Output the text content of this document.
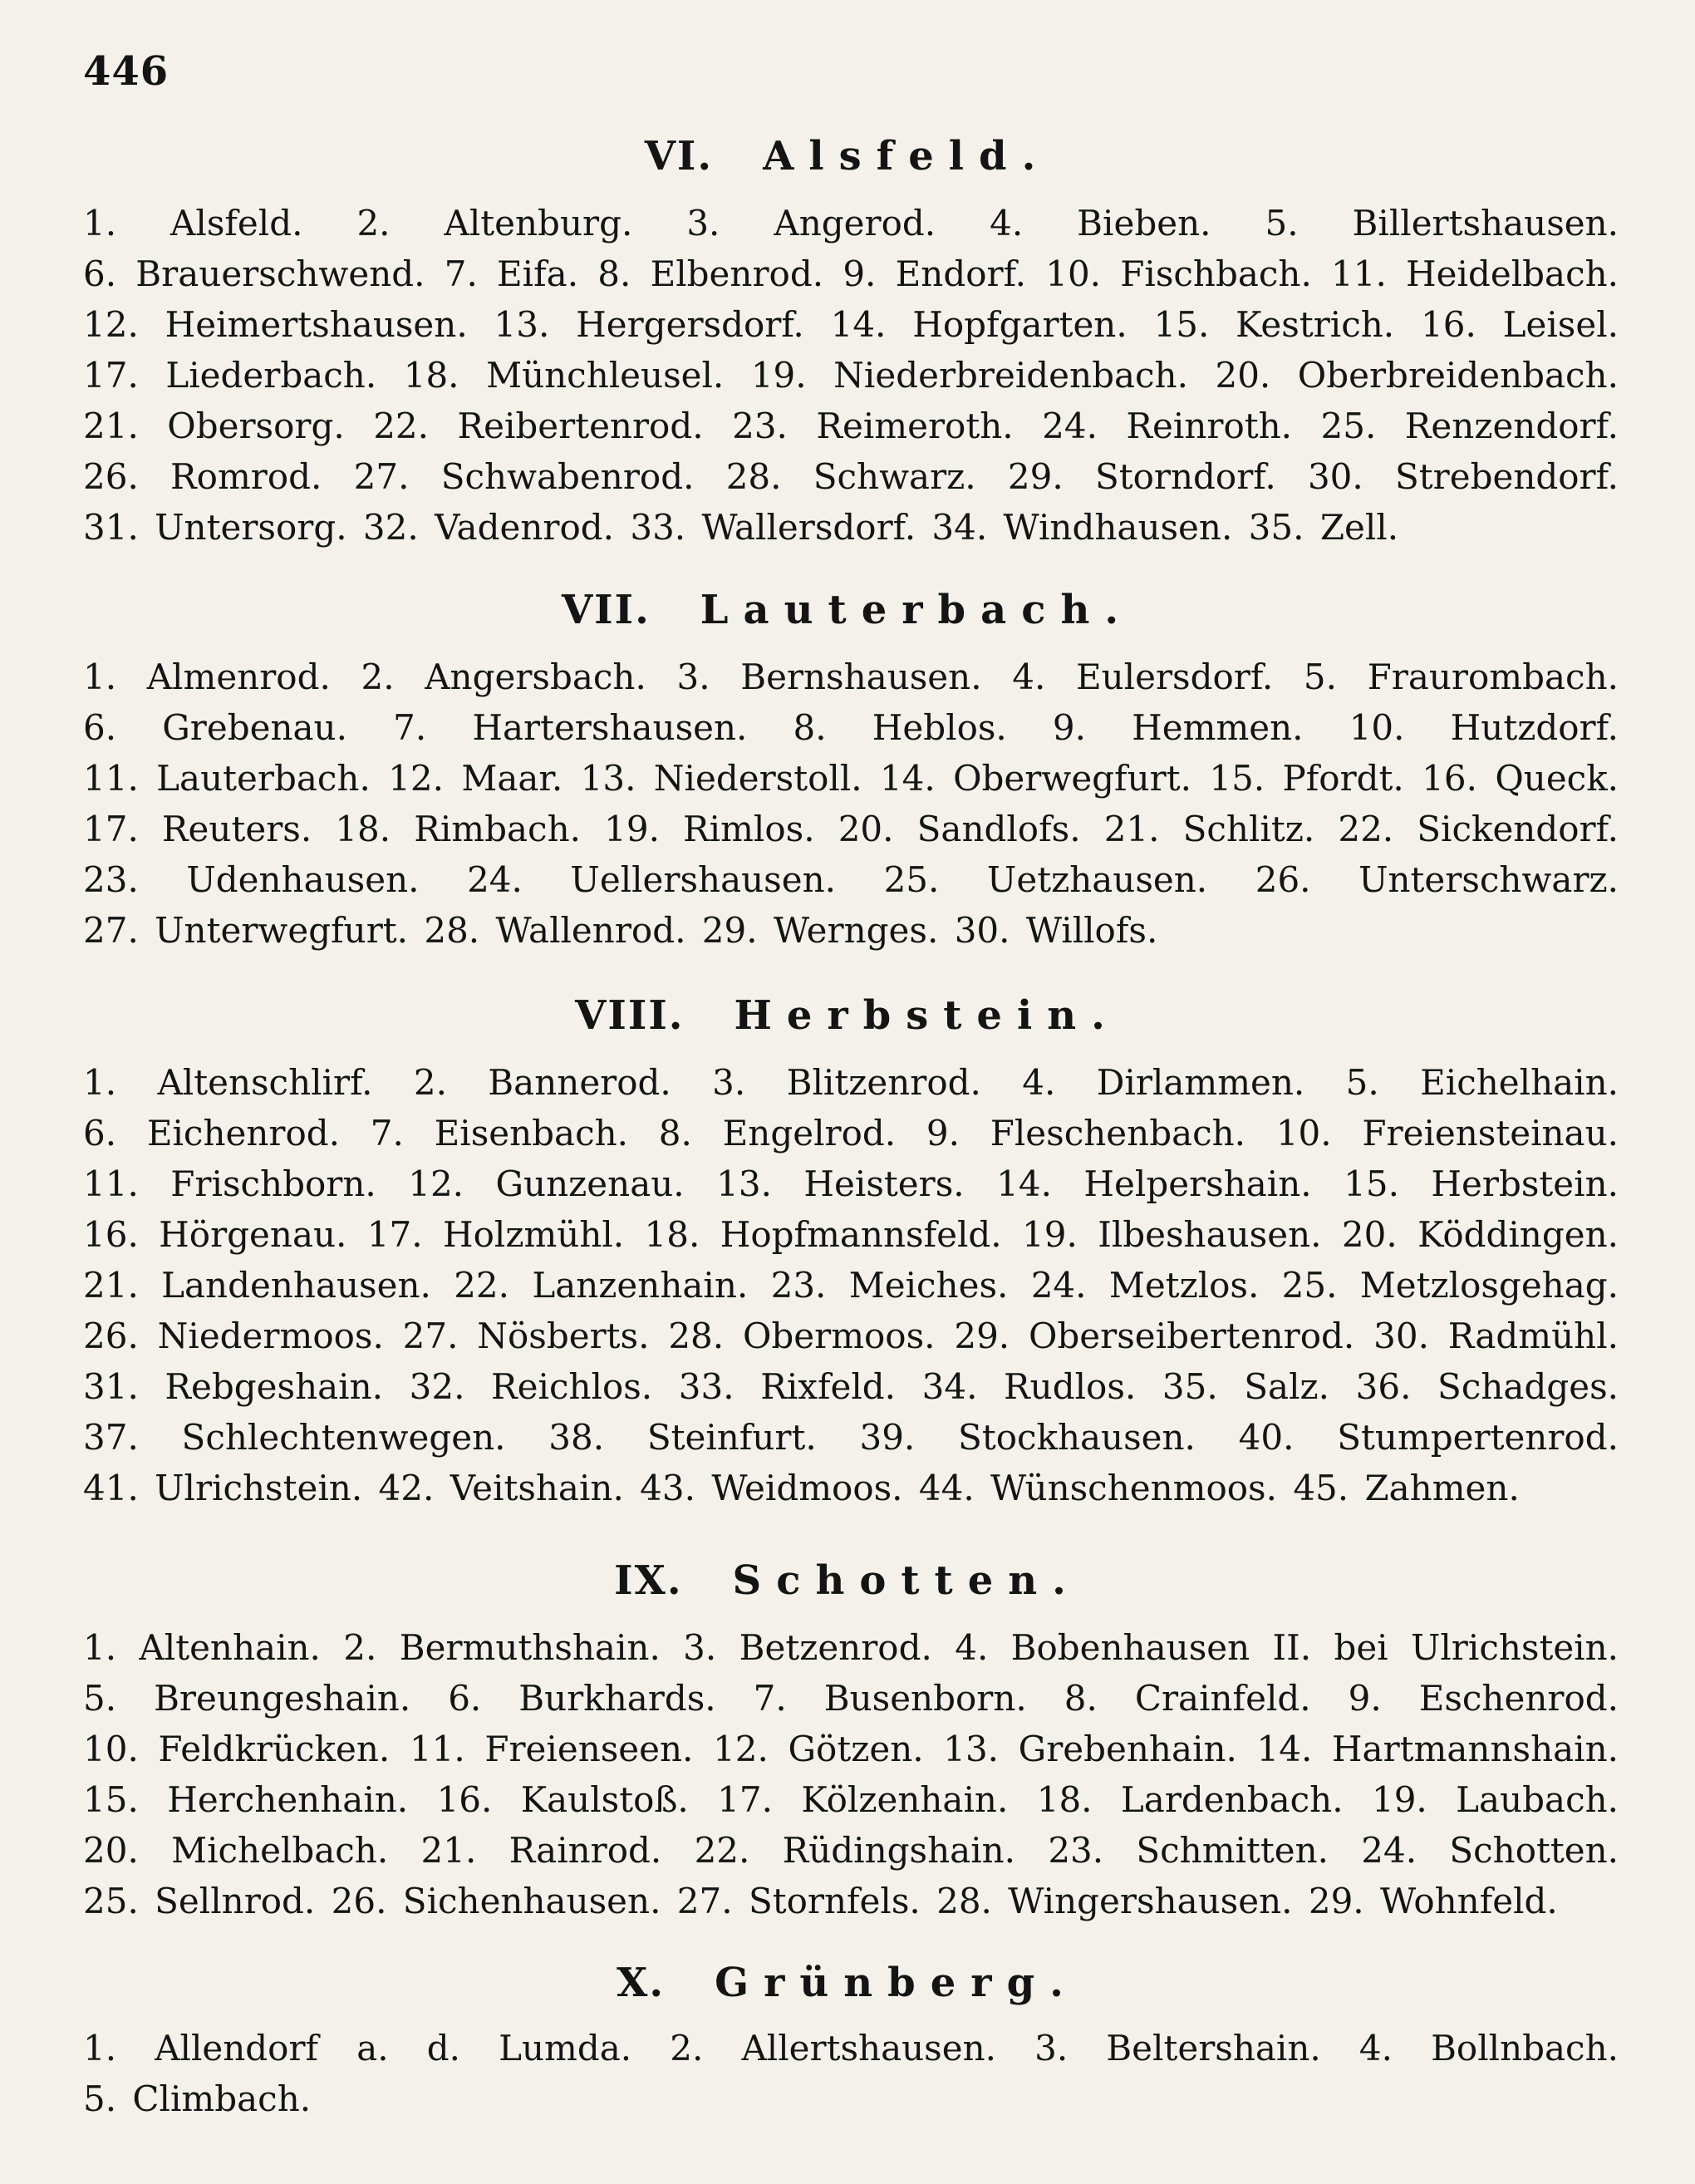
446
VI. Alsfeld.
1. Alsfeld. 2. Altenburg. 3. Angerod. 4. Bieben. 5. Billertshausen.6. Brauerschwend. 7. Eifa. 8. Elbenrod. 9. Endorf. 10. Fischbach. 11. Heidelbach.12. Heimertshausen. 13. Hergersdorf. 14. Hopfgarten. 15. Kestrich. 16. Leisel.17. Liederbach. 18. Münchleusel. 19. Niederbreidenbach. 20. Oberbreidenbach.21. Obersorg. 22. Reibertenrod. 23. Reimeroth. 24. Reinroth. 25. Renzendorf.26. Romrod. 27. Schwabenrod. 28. Schwarz. 29. Storndorf. 30. Strebendorf.31. Untersorg. 32. Vadenrod. 33. Wallersdorf. 34. Windhausen. 35. Zell.
VII. Lauterbach.
1. Almenrod. 2. Angersbach. 3. Bernshausen. 4. Eulersdorf. 5. Fraurombach.6. Grebenau. 7. Hartershausen. 8. Heblos. 9. Hemmen. 10. Hutzdorf.11. Lauterbach. 12. Maar. 13. Niederstoll. 14. Oberwegfurt. 15. Pfordt. 16. Queck.17. Reuters. 18. Rimbach. 19. Rimlos. 20. Sandlofs. 21. Schlitz. 22. Sickendorf.23. Udenhausen. 24. Uellershausen. 25. Uetzhausen. 26. Unterschwarz.27. Unterwegfurt. 28. Wallenrod. 29. Wernges. 30. Willofs.
VIII. Herbstein.
1. Altenschlirf. 2. Bannerod. 3. Blitzenrod. 4. Dirlammen. 5. Eichelhain.6. Eichenrod. 7. Eisenbach. 8. Engelrod. 9. Fleschenbach. 10. Freiensteinau.11. Frischborn. 12. Gunzenau. 13. Heisters. 14. Helpershain. 15. Herbstein.16. Hörgenau. 17. Holzmühl. 18. Hopfmannsfeld. 19. Ilbeshausen. 20. Köddingen.21. Landenhausen. 22. Lanzenhain. 23. Meiches. 24. Metzlos. 25. Metzlosgehag.26. Niedermoos. 27. Nösberts. 28. Obermoos. 29. Oberseibertenrod. 30. Radmühl.31. Rebgeshain. 32. Reichlos. 33. Rixfeld. 34. Rudlos. 35. Salz. 36. Schadges.37. Schlechtenwegen. 38. Steinfurt. 39. Stockhausen. 40. Stumpertenrod.41. Ulrichstein. 42. Veitshain. 43. Weidmoos. 44. Wünschenmoos. 45. Zahmen.
IX. Schotten.
1. Altenhain. 2. Bermuthshain. 3. Betzenrod. 4. Bobenhausen II. bei Ulrichstein.5. Breungeshain. 6. Burkhards. 7. Busenborn. 8. Crainfeld. 9. Eschenrod.10. Feldkrücken. 11. Freienseen. 12. Götzen. 13. Grebenhain. 14. Hartmannshain.15. Herchenhain. 16. Kaulstoß. 17. Kölzenhain. 18. Lardenbach. 19. Laubach.20. Michelbach. 21. Rainrod. 22. Rüdingshain. 23. Schmitten. 24. Schotten.25. Sellnrod. 26. Sichenhausen. 27. Stornfels. 28. Wingershausen. 29. Wohnfeld.
X. Grünberg.
1. Allendorf a. d. Lumda. 2. Allertshausen. 3. Beltershain. 4. Bollnbach.5. Climbach.
